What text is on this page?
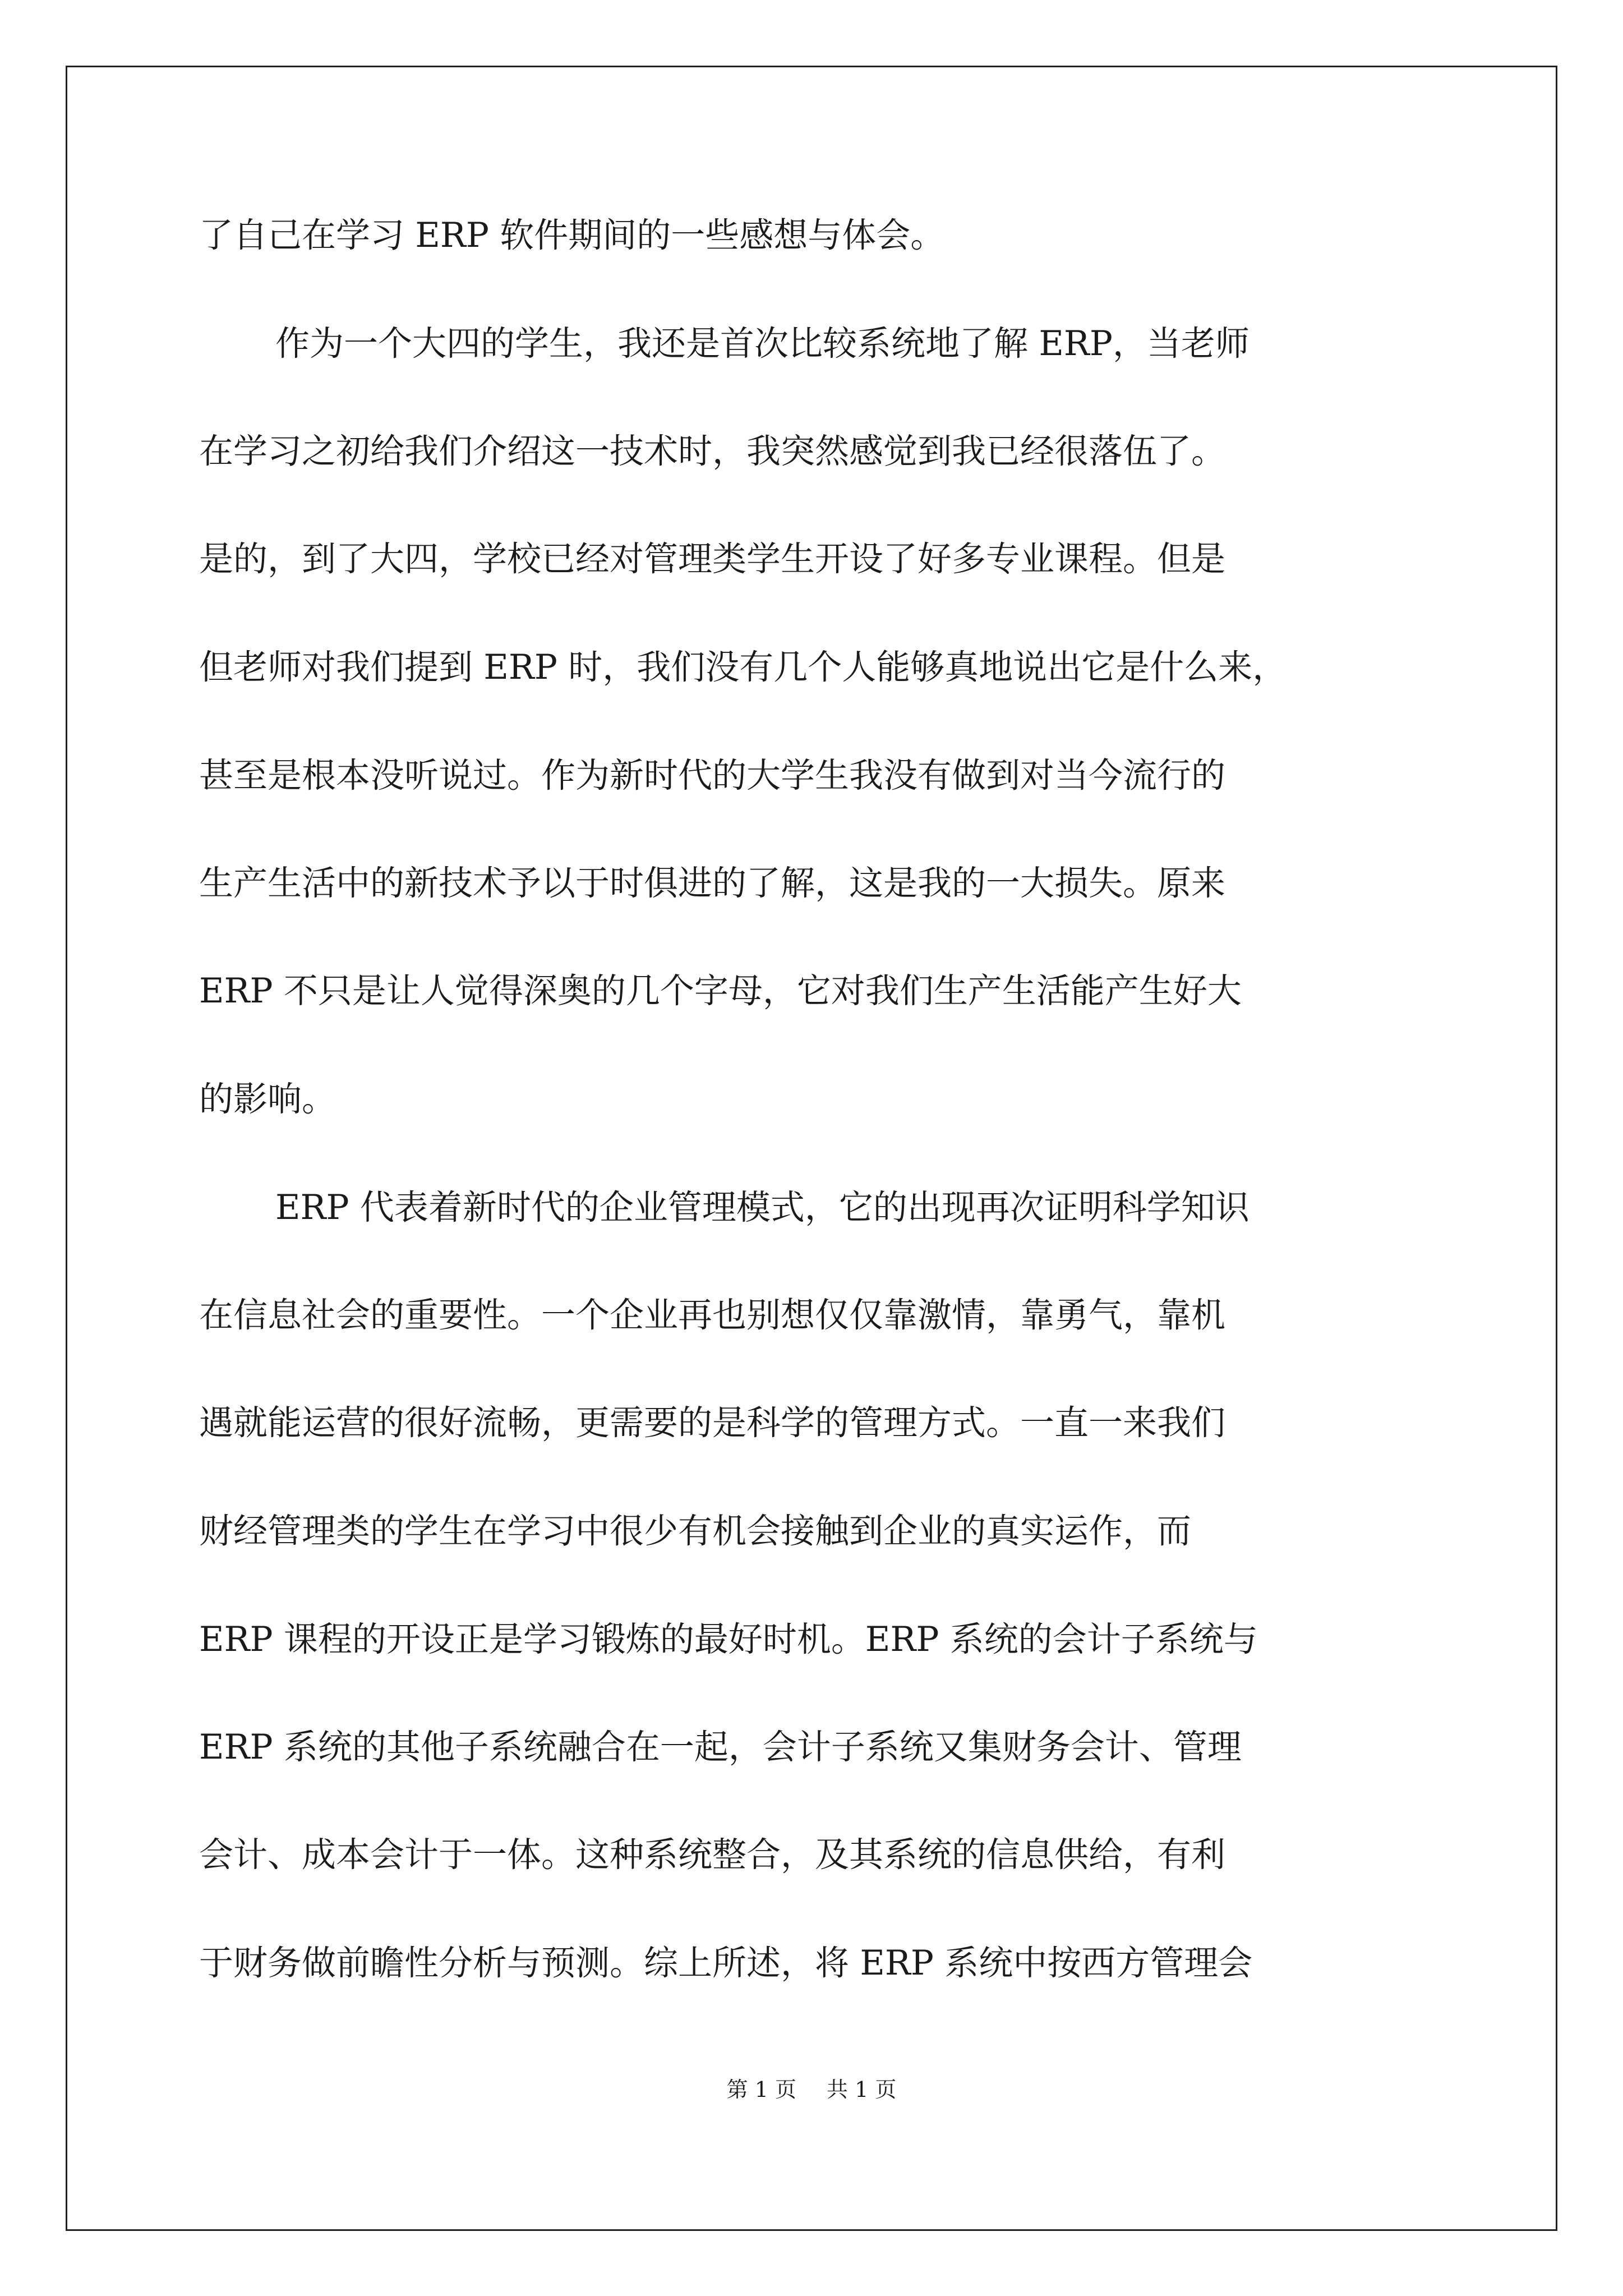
了自己在学习 ERP 软件期间的一些感想与体会。
作为一个大四的学生，我还是首次比较系统地了解 ERP，当老师
在学习之初给我们介绍这一技术时，我突然感觉到我已经很落伍了。
是的，到了大四，学校已经对管理类学生开设了好多专业课程。但是
但老师对我们提到 ERP 时，我们没有几个人能够真地说出它是什么来，
甚至是根本没听说过。作为新时代的大学生我没有做到对当今流行的
生产生活中的新技术予以于时俱进的了解，这是我的一大损失。原来
ERP 不只是让人觉得深奥的几个字母，它对我们生产生活能产生好大
的影响。
ERP 代表着新时代的企业管理模式，它的出现再次证明科学知识
在信息社会的重要性。一个企业再也别想仅仅靠激情，靠勇气，靠机
遇就能运营的很好流畅，更需要的是科学的管理方式。一直一来我们
财经管理类的学生在学习中很少有机会接触到企业的真实运作，而
ERP 课程的开设正是学习锻炼的最好时机。ERP 系统的会计子系统与
ERP 系统的其他子系统融合在一起，会计子系统又集财务会计、管理
会计、成本会计于一体。这种系统整合，及其系统的信息供给，有利
于财务做前瞻性分析与预测。综上所述，将 ERP 系统中按西方管理会
第 1 页 共 1 页
